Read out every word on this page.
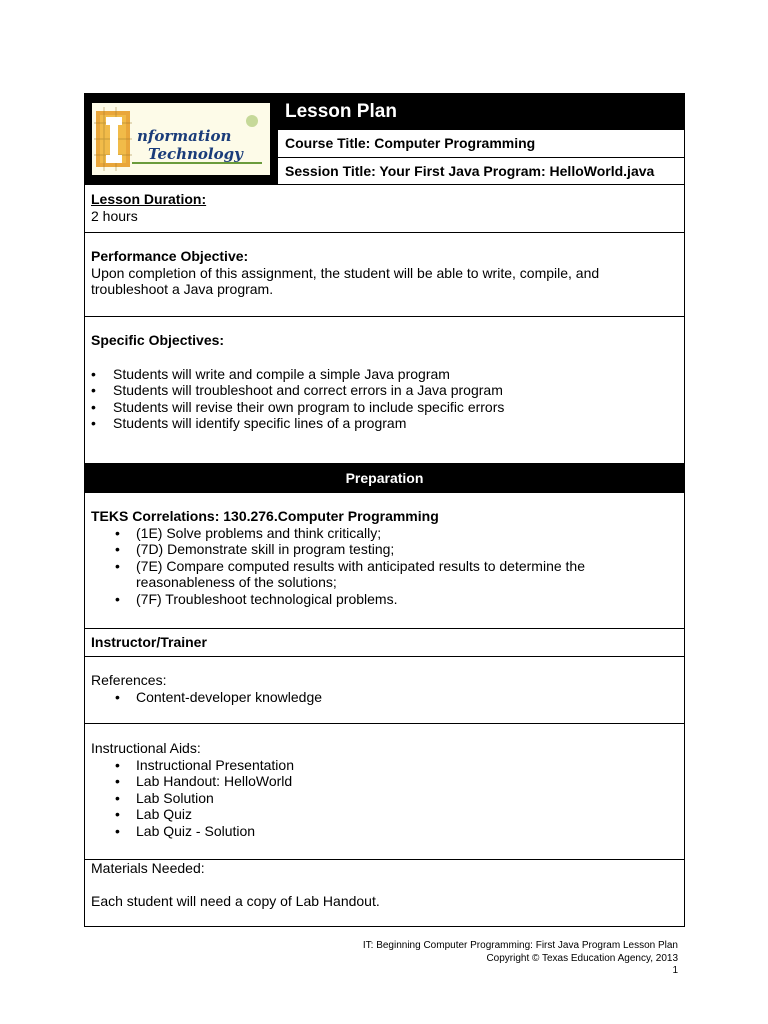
nformation
Technology
Lesson Plan
Course Title: Computer Programming
Session Title: Your First Java Program: HelloWorld.java
Lesson Duration:
2 hours
Performance Objective:
Upon completion of this assignment, the student will be able to write, compile, and troubleshoot a Java program.
Specific Objectives:
• Students will write and compile a simple Java program
• Students will troubleshoot and correct errors in a Java program
• Students will revise their own program to include specific errors
• Students will identify specific lines of a program
Preparation
TEKS Correlations: 130.276.Computer Programming
• (1E) Solve problems and think critically;
• (7D) Demonstrate skill in program testing;
• (7E) Compare computed results with anticipated results to determine the reasonableness of the solutions;
• (7F) Troubleshoot technological problems.
Instructor/Trainer
References:
• Content-developer knowledge
Instructional Aids:
• Instructional Presentation
• Lab Handout: HelloWorld
• Lab Solution
• Lab Quiz
• Lab Quiz - Solution
Materials Needed:
Each student will need a copy of Lab Handout.
IT: Beginning Computer Programming: First Java Program Lesson Plan
Copyright © Texas Education Agency, 2013
1
